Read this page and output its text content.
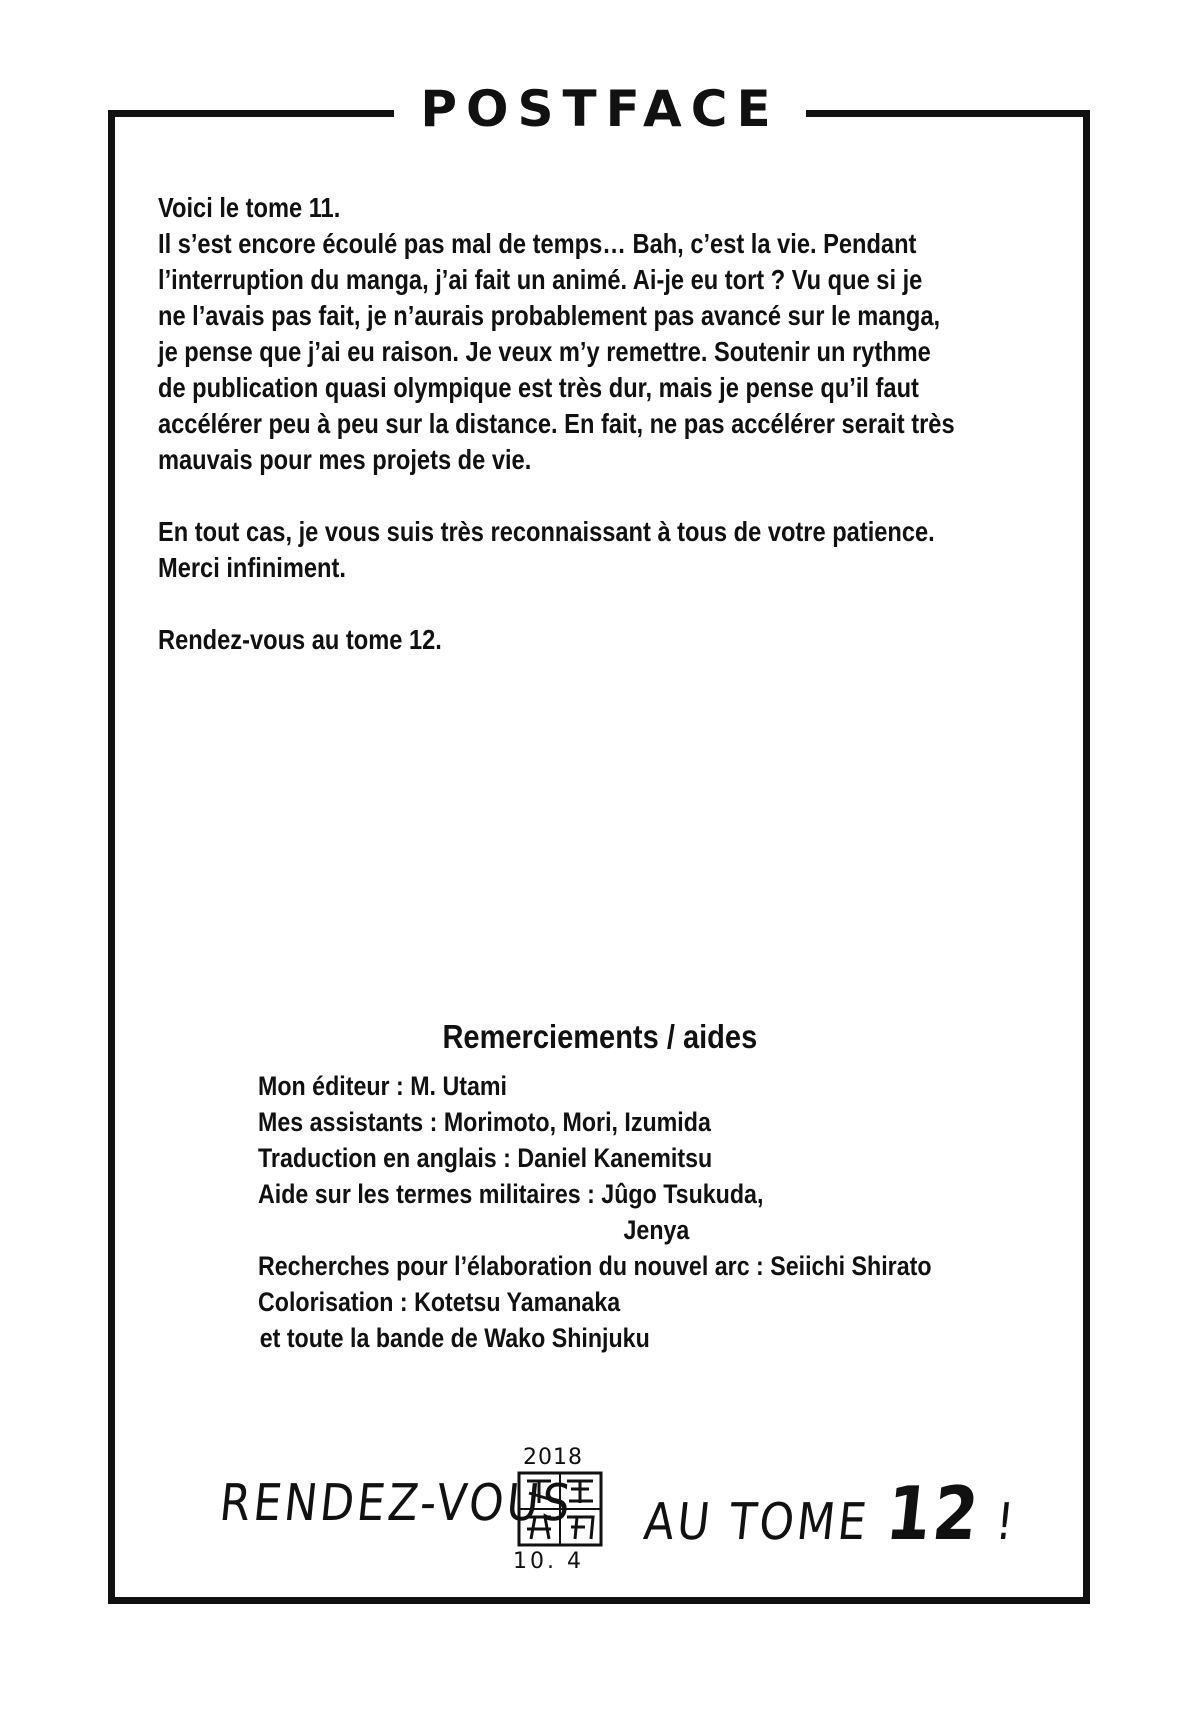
POSTFACE

Voici le tome 11.

Il s’est encore écoulé pas mal de temps… Bah, c’est la vie. Pendant

l’interruption du manga, j’ai fait un animé. Ai-je eu tort ? Vu que si je

ne l’avais pas fait, je n’aurais probablement pas avancé sur le manga,

je pense que j’ai eu raison. Je veux m’y remettre. Soutenir un rythme

de publication quasi olympique est très dur, mais je pense qu’il faut

accélérer peu à peu sur la distance. En fait, ne pas accélérer serait très

mauvais pour mes projets de vie.

En tout cas, je vous suis très reconnaissant à tous de votre patience.

Merci infiniment.

Rendez-vous au tome 12.

Remerciements / aides

Mon éditeur : M. Utami

Mes assistants : Morimoto, Mori, Izumida

Traduction en anglais : Daniel Kanemitsu

Aide sur les termes militaires : Jûgo Tsukuda,

Jenya

Recherches pour l’élaboration du nouvel arc : Seiichi Shirato

Colorisation : Kotetsu Yamanaka

et toute la bande de Wako Shinjuku

RENDEZ-VOUS
2018
10. 4
AU TOME 12 !
